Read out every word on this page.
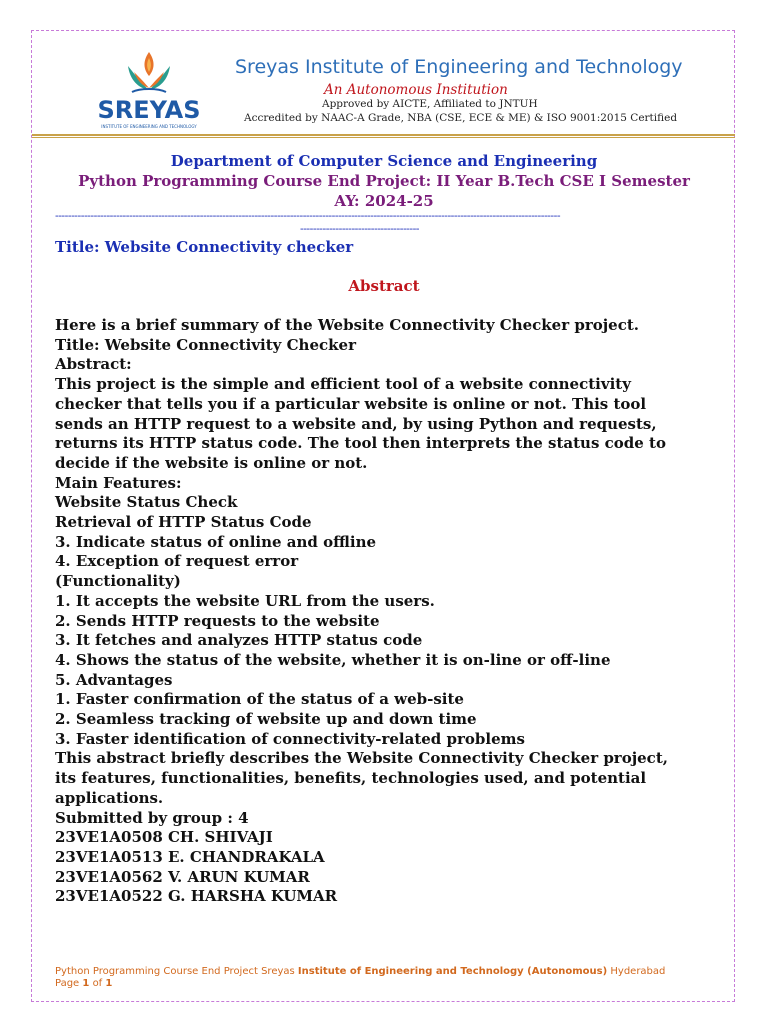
SREYAS
INSTITUTE OF ENGINEERING AND TECHNOLOGY
Sreyas Institute of Engineering and Technology
An Autonomous Institution
Approved by AICTE, Affiliated to JNTUH
Accredited by NAAC-A Grade, NBA (CSE, ECE & ME) & ISO 9001:2015 Certified
Department of Computer Science and Engineering
Python Programming Course End Project: II Year B.Tech CSE I Semester
AY: 2024-25
-------------------------------------------------------------------------------------------------------------------------------------------------------------
-------------------------------------
Title: Website Connectivity checker
Abstract
Here is a brief summary of the Website Connectivity Checker project.
Title: Website Connectivity Checker
Abstract:
This project is the simple and efficient tool of a website connectivity
checker that tells you if a particular website is online or not. This tool
sends an HTTP request to a website and, by using Python and requests,
returns its HTTP status code. The tool then interprets the status code to
decide if the website is online or not.
Main Features:
Website Status Check
Retrieval of HTTP Status Code
3. Indicate status of online and offline
4. Exception of request error
(Functionality)
1. It accepts the website URL from the users.
2. Sends HTTP requests to the website
3. It fetches and analyzes HTTP status code
4. Shows the status of the website, whether it is on-line or off-line
5. Advantages
1. Faster confirmation of the status of a web-site
2. Seamless tracking of website up and down time
3. Faster identification of connectivity-related problems
This abstract briefly describes the Website Connectivity Checker project,
its features, functionalities, benefits, technologies used, and potential
applications.
Submitted by group : 4
23VE1A0508 CH. SHIVAJI
23VE1A0513 E. CHANDRAKALA
23VE1A0562 V. ARUN KUMAR
23VE1A0522 G. HARSHA KUMAR
Python Programming Course End Project Sreyas Institute of Engineering and Technology (Autonomous) Hyderabad
Page 1 of 1
